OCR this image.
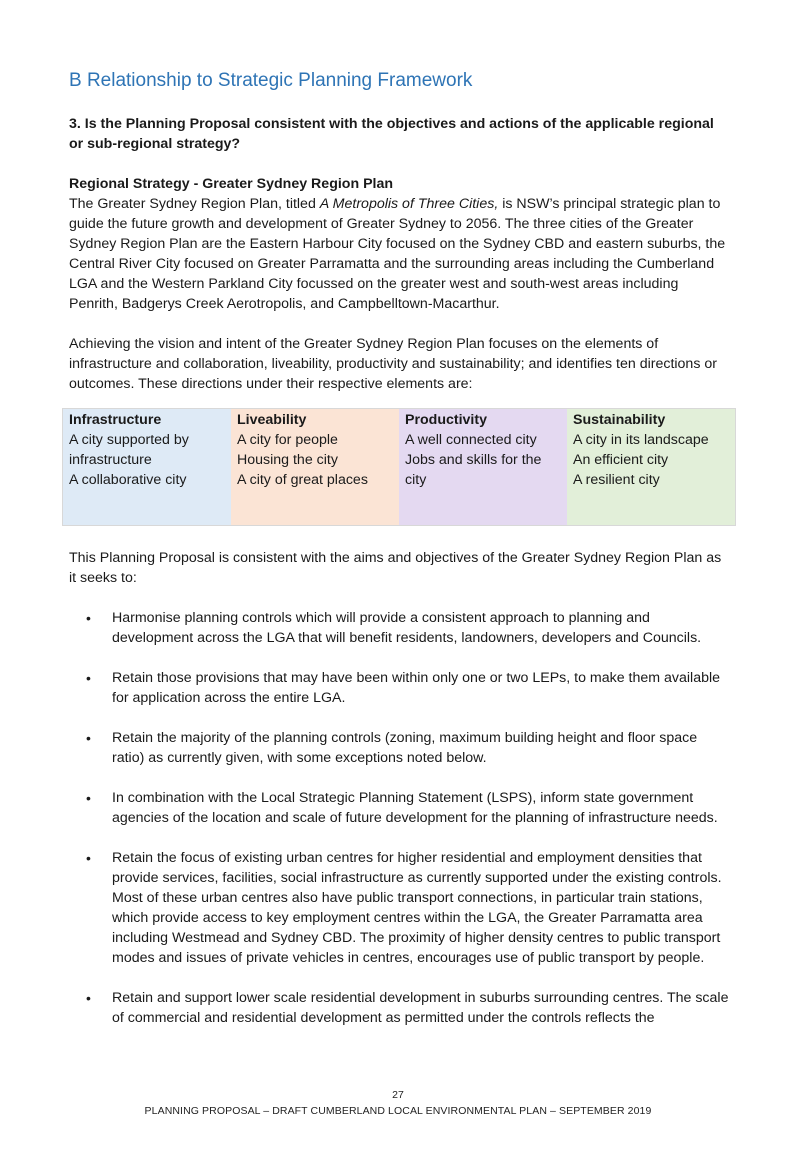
B Relationship to Strategic Planning Framework

3. Is the Planning Proposal consistent with the objectives and actions of the applicable regional or sub-regional strategy?

Regional Strategy - Greater Sydney Region Plan

The Greater Sydney Region Plan, titled A Metropolis of Three Cities, is NSW’s principal strategic plan to guide the future growth and development of Greater Sydney to 2056. The three cities of the Greater Sydney Region Plan are the Eastern Harbour City focused on the Sydney CBD and eastern suburbs, the Central River City focused on Greater Parramatta and the surrounding areas including the Cumberland LGA and the Western Parkland City focussed on the greater west and south-west areas including Penrith, Badgerys Creek Aerotropolis, and Campbelltown-Macarthur.

Achieving the vision and intent of the Greater Sydney Region Plan focuses on the elements of infrastructure and collaboration, liveability, productivity and sustainability; and identifies ten directions or outcomes. These directions under their respective elements are:

Infrastructure
A city supported by infrastructure
A collaborative city
Liveability
A city for people
Housing the city
A city of great places
Productivity
A well connected city
Jobs and skills for the city
Sustainability
A city in its landscape
An efficient city
A resilient city

This Planning Proposal is consistent with the aims and objectives of the Greater Sydney Region Plan as it seeks to:

• Harmonise planning controls which will provide a consistent approach to planning and development across the LGA that will benefit residents, landowners, developers and Councils.
• Retain those provisions that may have been within only one or two LEPs, to make them available for application across the entire LGA.
• Retain the majority of the planning controls (zoning, maximum building height and floor space ratio) as currently given, with some exceptions noted below.
• In combination with the Local Strategic Planning Statement (LSPS), inform state government agencies of the location and scale of future development for the planning of infrastructure needs.
• Retain the focus of existing urban centres for higher residential and employment densities that provide services, facilities, social infrastructure as currently supported under the existing controls. Most of these urban centres also have public transport connections, in particular train stations, which provide access to key employment centres within the LGA, the Greater Parramatta area including Westmead and Sydney CBD. The proximity of higher density centres to public transport modes and issues of private vehicles in centres, encourages use of public transport by people.
• Retain and support lower scale residential development in suburbs surrounding centres. The scale of commercial and residential development as permitted under the controls reflects the
27
PLANNING PROPOSAL – DRAFT CUMBERLAND LOCAL ENVIRONMENTAL PLAN – SEPTEMBER 2019
